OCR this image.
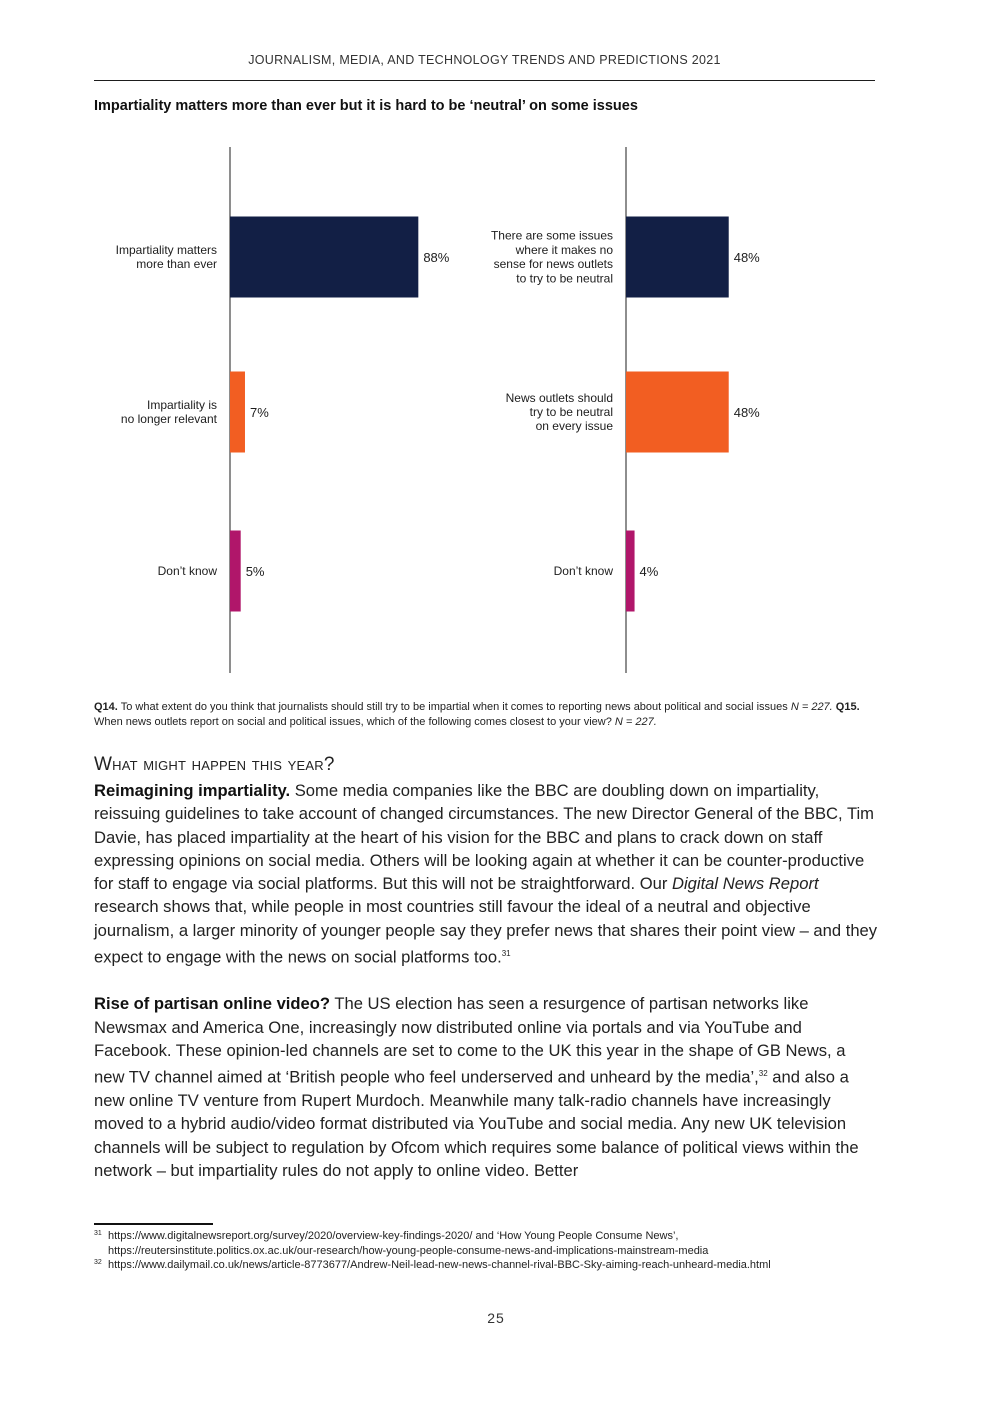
JOURNALISM, MEDIA, AND TECHNOLOGY TRENDS AND PREDICTIONS 2021
Impartiality matters more than ever but it is hard to be ‘neutral’ on some issues
88%
Impartiality matters more than ever
7%
Impartiality is no longer relevant
5%
Don’t know
48%
There are some issues where it makes no sense for news outlets to try to be neutral
48%
News outlets should try to be neutral on every issue
4%
Don’t know
Q14. To what extent do you think that journalists should still try to be impartial when it comes to reporting news about political and social issues N = 227. Q15. When news outlets report on social and political issues, which of the following comes closest to your view? N = 227.
What might happen this year?

Reimagining impartiality. Some media companies like the BBC are doubling down on impartiality, reissuing guidelines to take account of changed circumstances. The new Director General of the BBC, Tim Davie, has placed impartiality at the heart of his vision for the BBC and plans to crack down on staff expressing opinions on social media. Others will be looking again at whether it can be counter-productive for staff to engage via social platforms. But this will not be straightforward. Our Digital News Report research shows that, while people in most countries still favour the ideal of a neutral and objective journalism, a larger minority of younger people say they prefer news that shares their point view – and they expect to engage with the news on social platforms too.$^{31}$

Rise of partisan online video? The US election has seen a resurgence of partisan networks like Newsmax and America One, increasingly now distributed online via portals and via YouTube and Facebook. These opinion-led channels are set to come to the UK this year in the shape of GB News, a new TV channel aimed at ‘British people who feel underserved and unheard by the media’,$^{32}$ and also a new online TV venture from Rupert Murdoch. Meanwhile many talk-radio channels have increasingly moved to a hybrid audio/video format distributed via YouTube and social media. Any new UK television channels will be subject to regulation by Ofcom which requires some balance of political views within the network – but impartiality rules do not apply to online video. Better

31 https://www.digitalnewsreport.org/survey/2020/overview-key-findings-2020/ and ‘How Young People Consume News’, https://reutersinstitute.politics.ox.ac.uk/our-research/how-young-people-consume-news-and-implications-mainstream-media
32 https://www.dailymail.co.uk/news/article-8773677/Andrew-Neil-lead-new-news-channel-rival-BBC-Sky-aiming-reach-unheard-media.html
25
